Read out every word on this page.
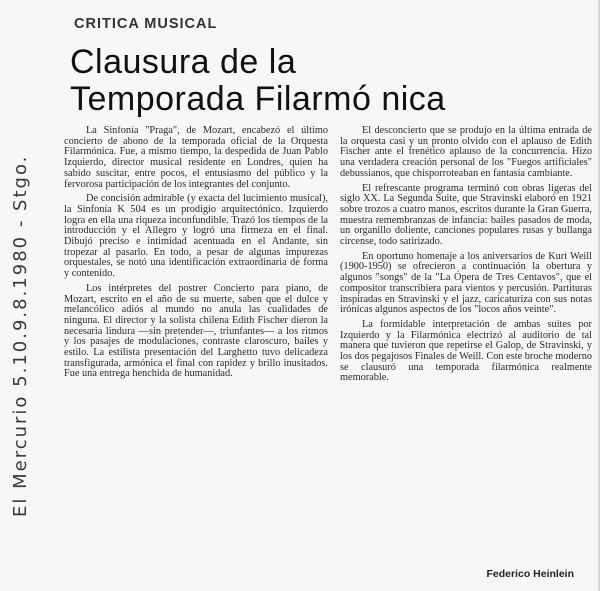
El Mercurio 5.10.9.8.1980 - Stgo.
CRITICA MUSICAL
Clausura de la
Temporada Filarmó nica

La Sinfonía "Praga", de Mozart, encabezó el último concierto de abono de la temporada oficial de la Orquesta Filarmónica. Fue, a mismo tiempo, la despedida de Juan Pablo Izquierdo, director musical residente en Londres, quien ha sabido suscitar, entre pocos, el entusiasmo del público y la fervorosa participación de los integrantes del conjunto.

De concisión admirable (y exacta del lucimiento musical), la Sinfonía K 504 es un prodigio arquitectónico. Izquierdo logra en ella una riqueza inconfundible. Trazó los tiempos de la introducción y el Allegro y logró una firmeza en el final. Dibujó preciso e intimidad acentuada en el Andante, sin tropezar al pasarlo. En todo, a pesar de algunas impurezas orquestales, se notó una identificación extraordinaria de forma y contenido.

Los intérpretes del postrer Concierto para piano, de Mozart, escrito en el año de su muerte, saben que el dulce y melancólico adiós al mundo no anula las cualidades de ninguna. El director y la solista chilena Edith Fischer dieron la necesaria lindura —sin pretender—, triunfantes— a los ritmos y los pasajes de modulaciones, contraste claroscuro, bailes y estilo. La estilista presentación del Larghetto tuvo delicadeza transfigurada, armónica el final con rapidez y brillo inusitados. Fue una entrega henchida de humanidad.

El desconcierto que se produjo en la última entrada de la orquesta casi y un pronto olvido con el aplauso de Edith Fischer ante el frenético aplauso de la concurrencia. Hizo una verdadera creación personal de los "Fuegos artificiales" debussianos, que chisporroteaban en fantasía cambiante.

El refrescante programa terminó con obras ligeras del siglo XX. La Segunda Suite, que Stravinski elaboró en 1921 sobre trozos a cuatro manos, escritos durante la Gran Guerra, muestra remembranzas de infancia: bailes pasados de moda, un organillo doliente, canciones populares rusas y bullanga circense, todo satirizado.

En oportuno homenaje a los aniversarios de Kurt Weill (1900-1950) se ofrecieron a continuación la obertura y algunos "songs" de la "La Ópera de Tres Centavos", que el compositor transcribiera para vientos y percusión. Partituras inspiradas en Stravinski y el jazz, caricaturiza con sus notas irónicas algunos aspectos de los "locos años veinte".

La formidable interpretación de ambas suites por Izquierdo y la Filarmónica electrizó al auditorio de tal manera que tuvieron que repetirse el Galop, de Stravinski, y los dos pegajosos Finales de Weill. Con este broche moderno se clausuró una temporada filarmónica realmente memorable.

Federico Heinlein
